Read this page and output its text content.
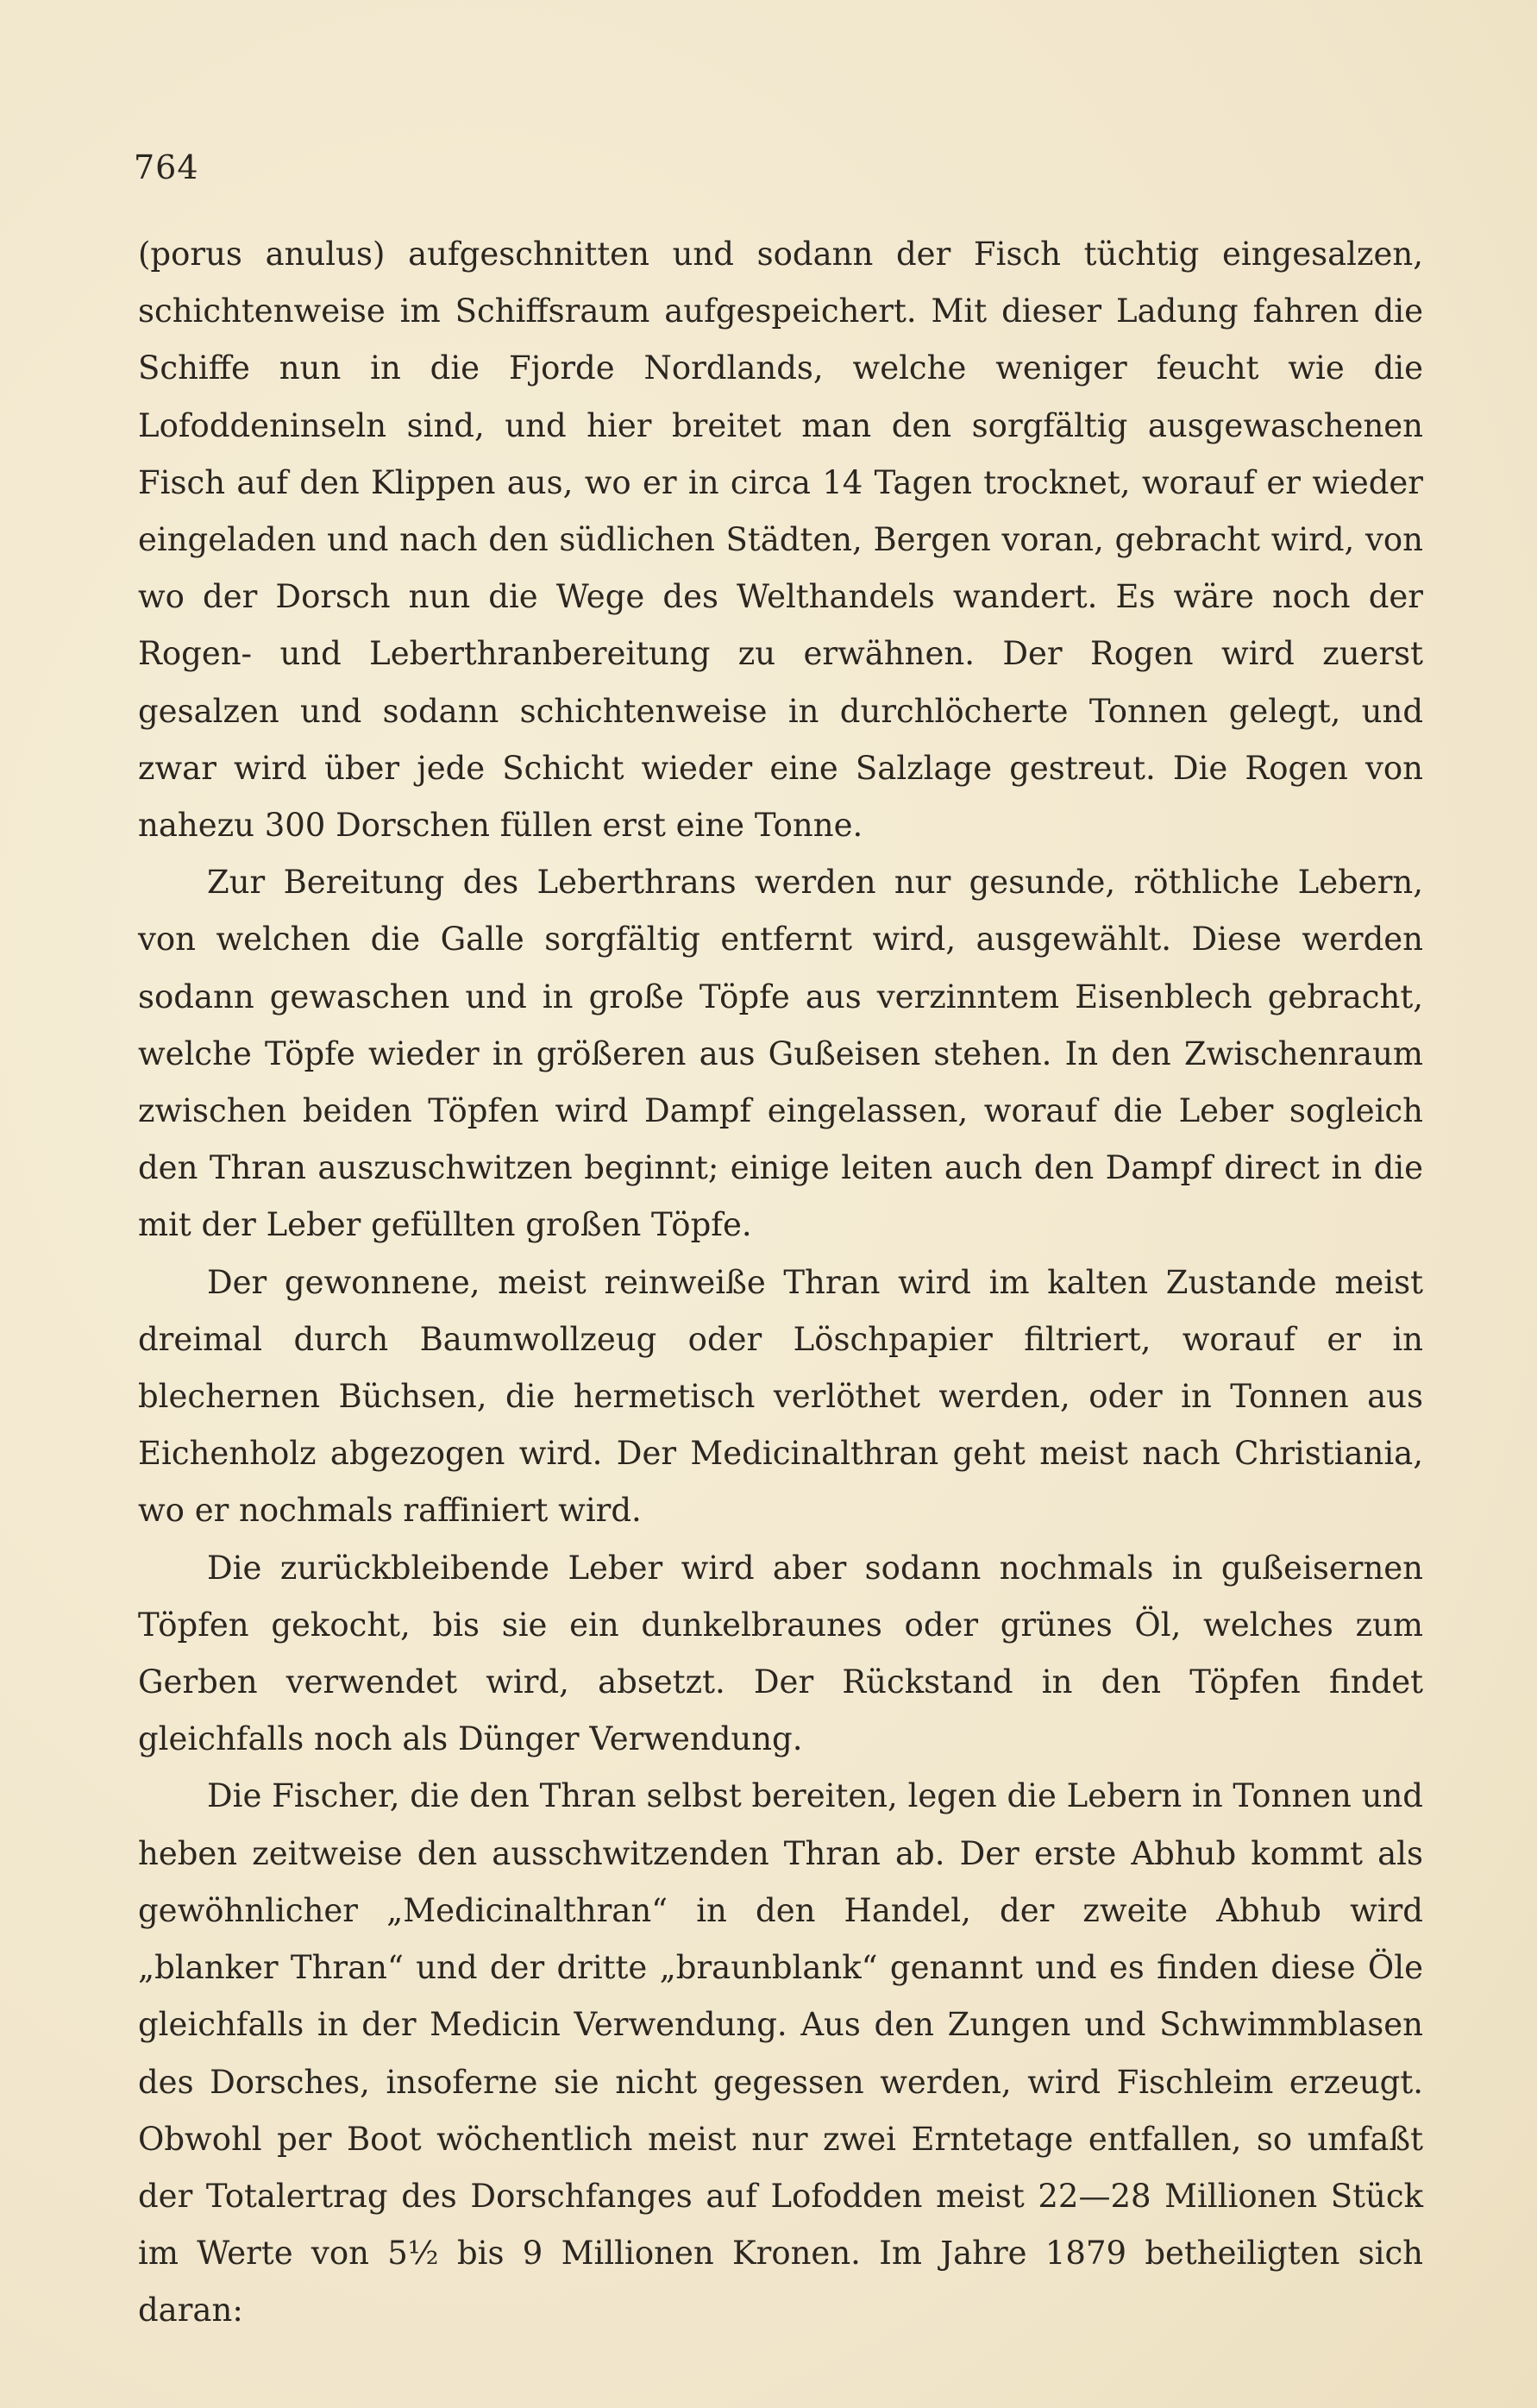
764

(porus anulus) aufgeschnitten und sodann der Fisch tüchtig eingesalzen, schichtenweise im Schiffsraum aufgespeichert. Mit dieser Ladung fahren die Schiffe nun in die Fjorde Nordlands, welche weniger feucht wie die Lofoddeninseln sind, und hier breitet man den sorgfältig ausgewaschenen Fisch auf den Klippen aus, wo er in circa 14 Tagen trocknet, worauf er wieder eingeladen und nach den südlichen Städten, Bergen voran, gebracht wird, von wo der Dorsch nun die Wege des Welthandels wandert. Es wäre noch der Rogen- und Leberthranbereitung zu erwähnen. Der Rogen wird zuerst gesalzen und sodann schichtenweise in durchlöcherte Tonnen gelegt, und zwar wird über jede Schicht wieder eine Salzlage gestreut. Die Rogen von nahezu 300 Dorschen füllen erst eine Tonne.

Zur Bereitung des Leberthrans werden nur gesunde, röthliche Lebern, von welchen die Galle sorgfältig entfernt wird, ausgewählt. Diese werden sodann gewaschen und in große Töpfe aus verzinntem Eisenblech gebracht, welche Töpfe wieder in größeren aus Gußeisen stehen. In den Zwischenraum zwischen beiden Töpfen wird Dampf eingelassen, worauf die Leber sogleich den Thran auszuschwitzen beginnt; einige leiten auch den Dampf direct in die mit der Leber gefüllten großen Töpfe.

Der gewonnene, meist reinweiße Thran wird im kalten Zustande meist dreimal durch Baumwollzeug oder Löschpapier filtriert, worauf er in blechernen Büchsen, die hermetisch verlöthet werden, oder in Tonnen aus Eichenholz abgezogen wird. Der Medicinalthran geht meist nach Christiania, wo er nochmals raffiniert wird.

Die zurückbleibende Leber wird aber sodann nochmals in gußeisernen Töpfen gekocht, bis sie ein dunkelbraunes oder grünes Öl, welches zum Gerben verwendet wird, absetzt. Der Rückstand in den Töpfen findet gleichfalls noch als Dünger Verwendung.

Die Fischer, die den Thran selbst bereiten, legen die Lebern in Tonnen und heben zeitweise den ausschwitzenden Thran ab. Der erste Abhub kommt als gewöhnlicher „Medicinalthran“ in den Handel, der zweite Abhub wird „blanker Thran“ und der dritte „braunblank“ genannt und es finden diese Öle gleichfalls in der Medicin Verwendung. Aus den Zungen und Schwimmblasen des Dorsches, insoferne sie nicht gegessen werden, wird Fischleim erzeugt. Obwohl per Boot wöchentlich meist nur zwei Erntetage entfallen, so umfaßt der Totalertrag des Dorschfanges auf Lofodden meist 22—28 Millionen Stück im Werte von 5½ bis 9 Millionen Kronen. Im Jahre 1879 betheiligten sich daran:
